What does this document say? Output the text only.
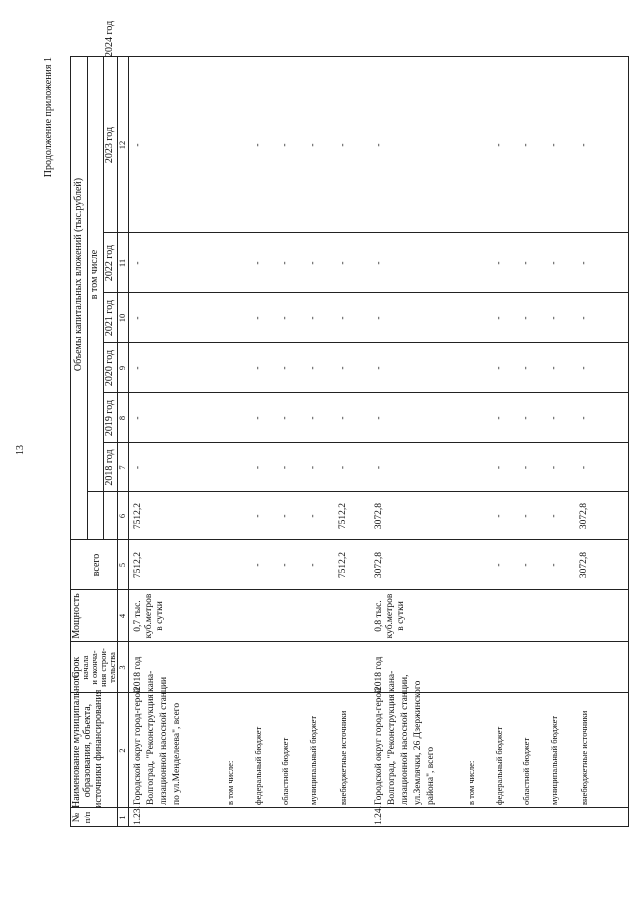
13
Продолжение приложения 1
№ п/п
Наименование муниципального образования, объекта, источники финансирования
Срок
начала и оконча- ния строи- тельства
Мощность
Объемы капитальных вложений (тыс.рублей)
всего
в том числе
2018 год
2019 год
2020 год
2021 год
2022 год
2023 год
2024 год
1
2
3
4
5
6
7
8
9
10
11
12
1.23.
Городской округ город-герой Волгоград, "Реконструкция кана- лизационной насосной станции по ул.Менделеева", всего
2018 год
0,7 тыс. куб.метров в сутки
7512,2
7512,2
-
-
-
-
-
-
в том числе: федеральный бюджет
-
-
-
-
-
-
-
-
областной бюджет
-
-
-
-
-
-
-
-
муниципальный бюджет
-
-
-
-
-
-
-
-
внебюджетные источники
7512,2
7512,2
-
-
-
-
-
-
1.24.
Городской округ город-герой Волгоград, "Реконструкция кана- лизационной насосной станции, ул.Землячки, 26 Дзержинского района", всего
2018 год
0,8 тыс. куб.метров в сутки
3072,8
3072,8
-
-
-
-
-
-
в том числе: федеральный бюджет
-
-
-
-
-
-
-
-
областной бюджет
-
-
-
-
-
-
-
-
муниципальный бюджет
-
-
-
-
-
-
-
-
внебюджетные источники
3072,8
3072,8
-
-
-
-
-
-
